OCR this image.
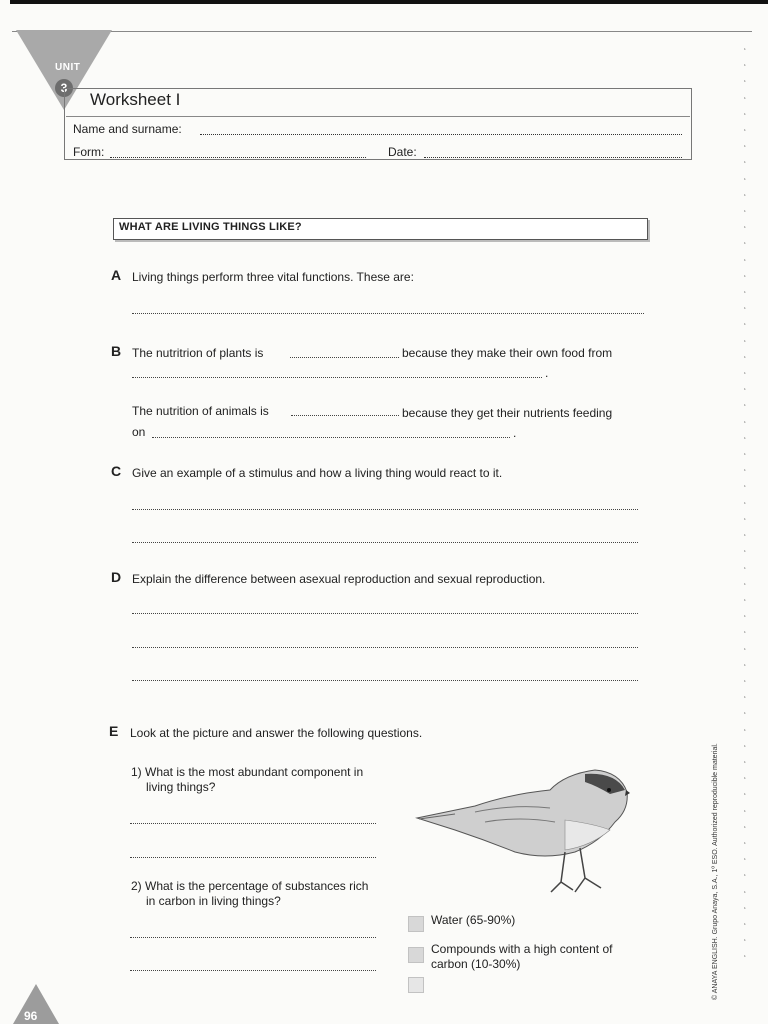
UNIT
3
Worksheet I
Name and surname:
Form:	Date:
WHAT ARE LIVING THINGS LIKE?
A Living things perform three vital functions. These are:
B The nutritrion of plants is	because they make their own food from
.
The nutrition of animals is	because they get their nutrients feeding
on	.
C Give an example of a stimulus and how a living thing would react to it.
D Explain the difference between asexual reproduction and sexual reproduction.
E Look at the picture and answer the following questions.
1) What is the most abundant component in
living things?
2) What is the percentage of substances rich
in carbon in living things?
Water (65-90%)
Compounds with a high content of
carbon (10-30%)	© ANAYA ENGLISH. Grupo Anaya, S.A., 1º ESO. Authorized reproducible material.
‘
‘
‘
‘
‘
‘
‘
‘
‘
‘
‘
‘
‘
‘
‘
‘
‘
‘
‘
‘
‘
‘
‘
‘
‘
‘
‘
‘
‘
‘
‘
‘
‘
‘
‘
‘
‘
‘
‘
‘
‘
‘
‘
‘
‘
‘
‘
‘
‘
‘
‘
‘
‘
‘
‘
‘
‘
96
